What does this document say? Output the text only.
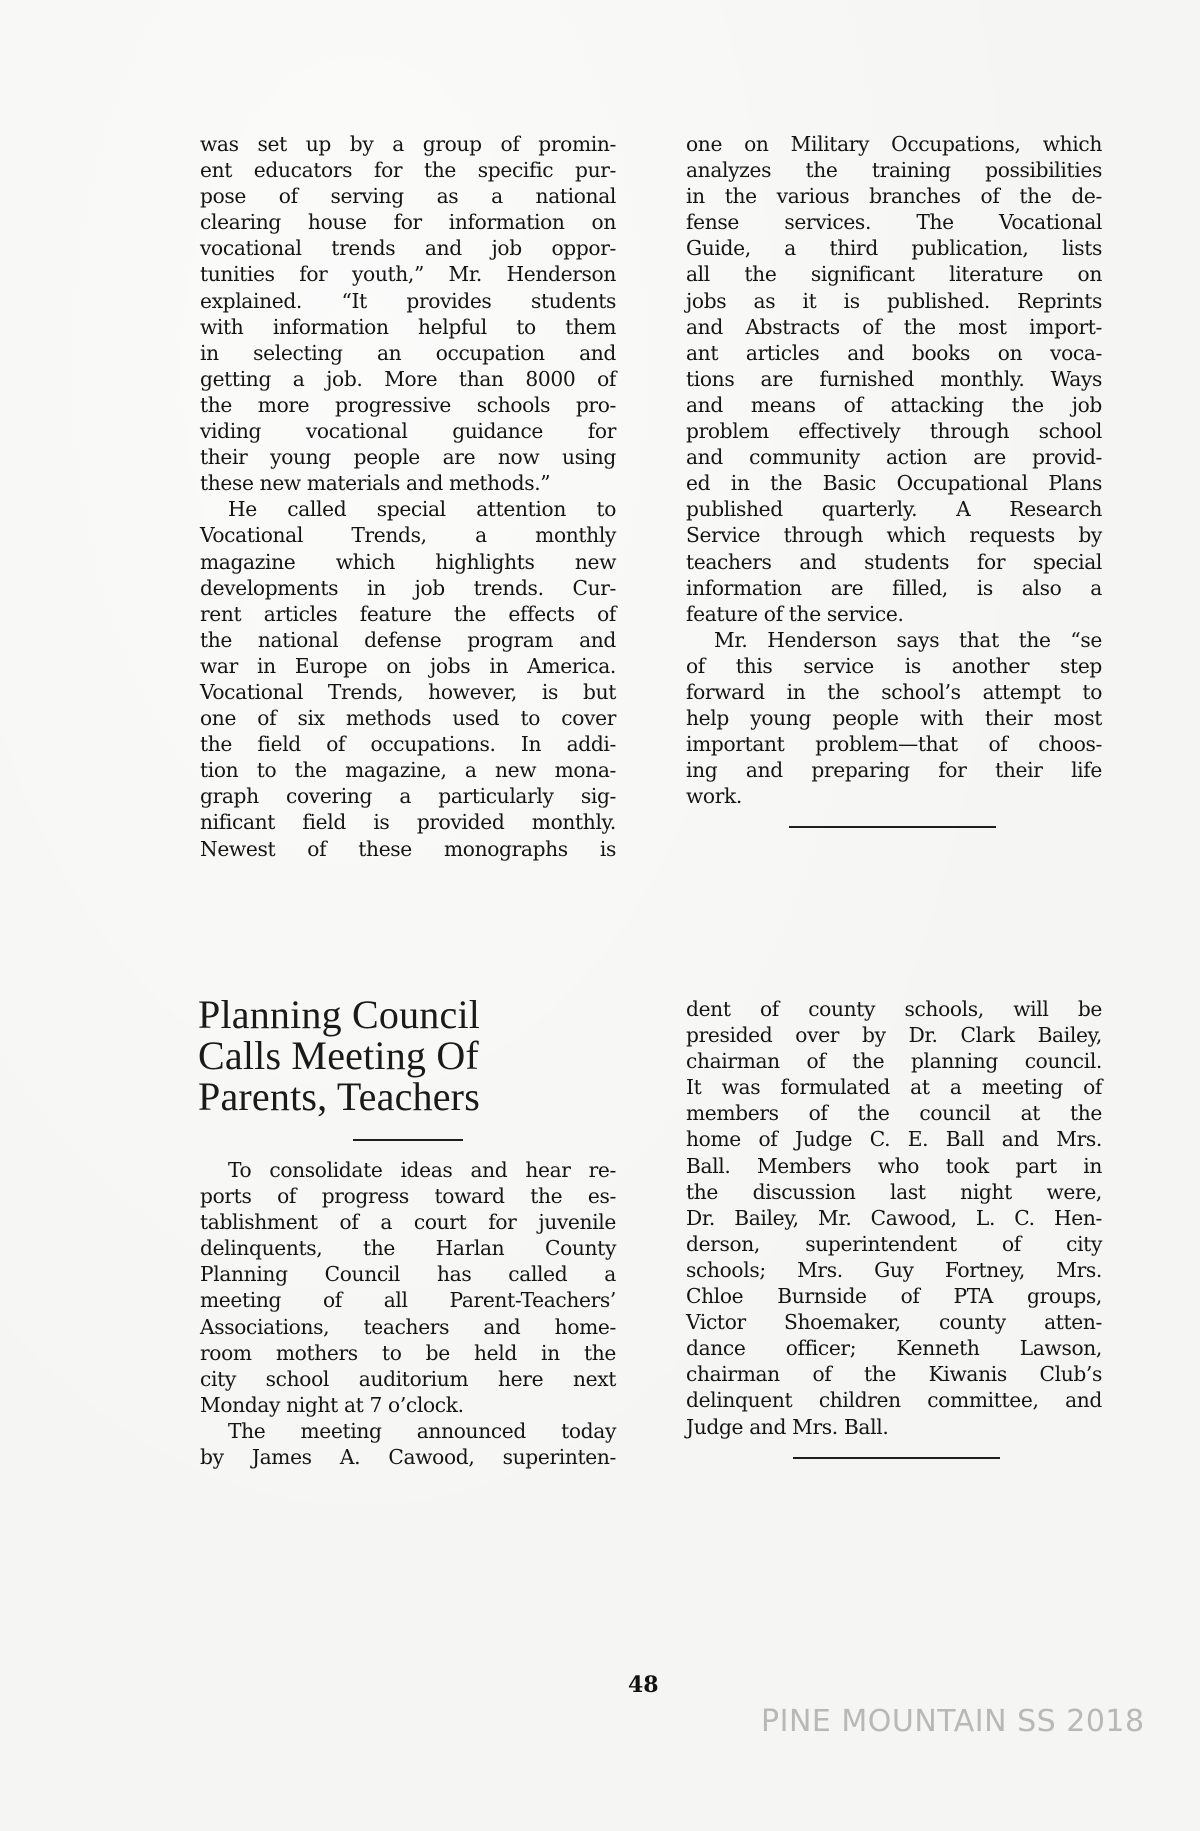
was set up by a group of promin-
ent educators for the specific pur-
pose of serving as a national
clearing house for information on
vocational trends and job oppor-
tunities for youth,” Mr. Henderson
explained. “It provides students
with information helpful to them
in selecting an occupation and
getting a job. More than 8000 of
the more progressive schools pro-
viding vocational guidance for
their young people are now using
these new materials and methods.”
He called special attention to
Vocational Trends, a monthly
magazine which highlights new
developments in job trends. Cur-
rent articles feature the effects of
the national defense program and
war in Europe on jobs in America.
Vocational Trends, however, is but
one of six methods used to cover
the field of occupations. In addi-
tion to the magazine, a new mona-
graph covering a particularly sig-
nificant field is provided monthly.
Newest of these monographs is
one on Military Occupations, which
analyzes the training possibilities
in the various branches of the de-
fense services. The Vocational
Guide, a third publication, lists
all the significant literature on
jobs as it is published. Reprints
and Abstracts of the most import-
ant articles and books on voca-
tions are furnished monthly. Ways
and means of attacking the job
problem effectively through school
and community action are provid-
ed in the Basic Occupational Plans
published quarterly. A Research
Service through which requests by
teachers and students for special
information are filled, is also a
feature of the service.
Mr. Henderson says that the “se
of this service is another step
forward in the school’s attempt to
help young people with their most
important problem—that of choos-
ing and preparing for their life
work.
Planning Council
Calls Meeting Of
Parents, Teachers
To consolidate ideas and hear re-
ports of progress toward the es-
tablishment of a court for juvenile
delinquents, the Harlan County
Planning Council has called a
meeting of all Parent-Teachers’
Associations, teachers and home-
room mothers to be held in the
city school auditorium here next
Monday night at 7 o’clock.
The meeting announced today
by James A. Cawood, superinten-
dent of county schools, will be
presided over by Dr. Clark Bailey,
chairman of the planning council.
It was formulated at a meeting of
members of the council at the
home of Judge C. E. Ball and Mrs.
Ball. Members who took part in
the discussion last night were,
Dr. Bailey, Mr. Cawood, L. C. Hen-
derson, superintendent of city
schools; Mrs. Guy Fortney, Mrs.
Chloe Burnside of PTA groups,
Victor Shoemaker, county atten-
dance officer; Kenneth Lawson,
chairman of the Kiwanis Club’s
delinquent children committee, and
Judge and Mrs. Ball.
48
PINE MOUNTAIN SS 2018
